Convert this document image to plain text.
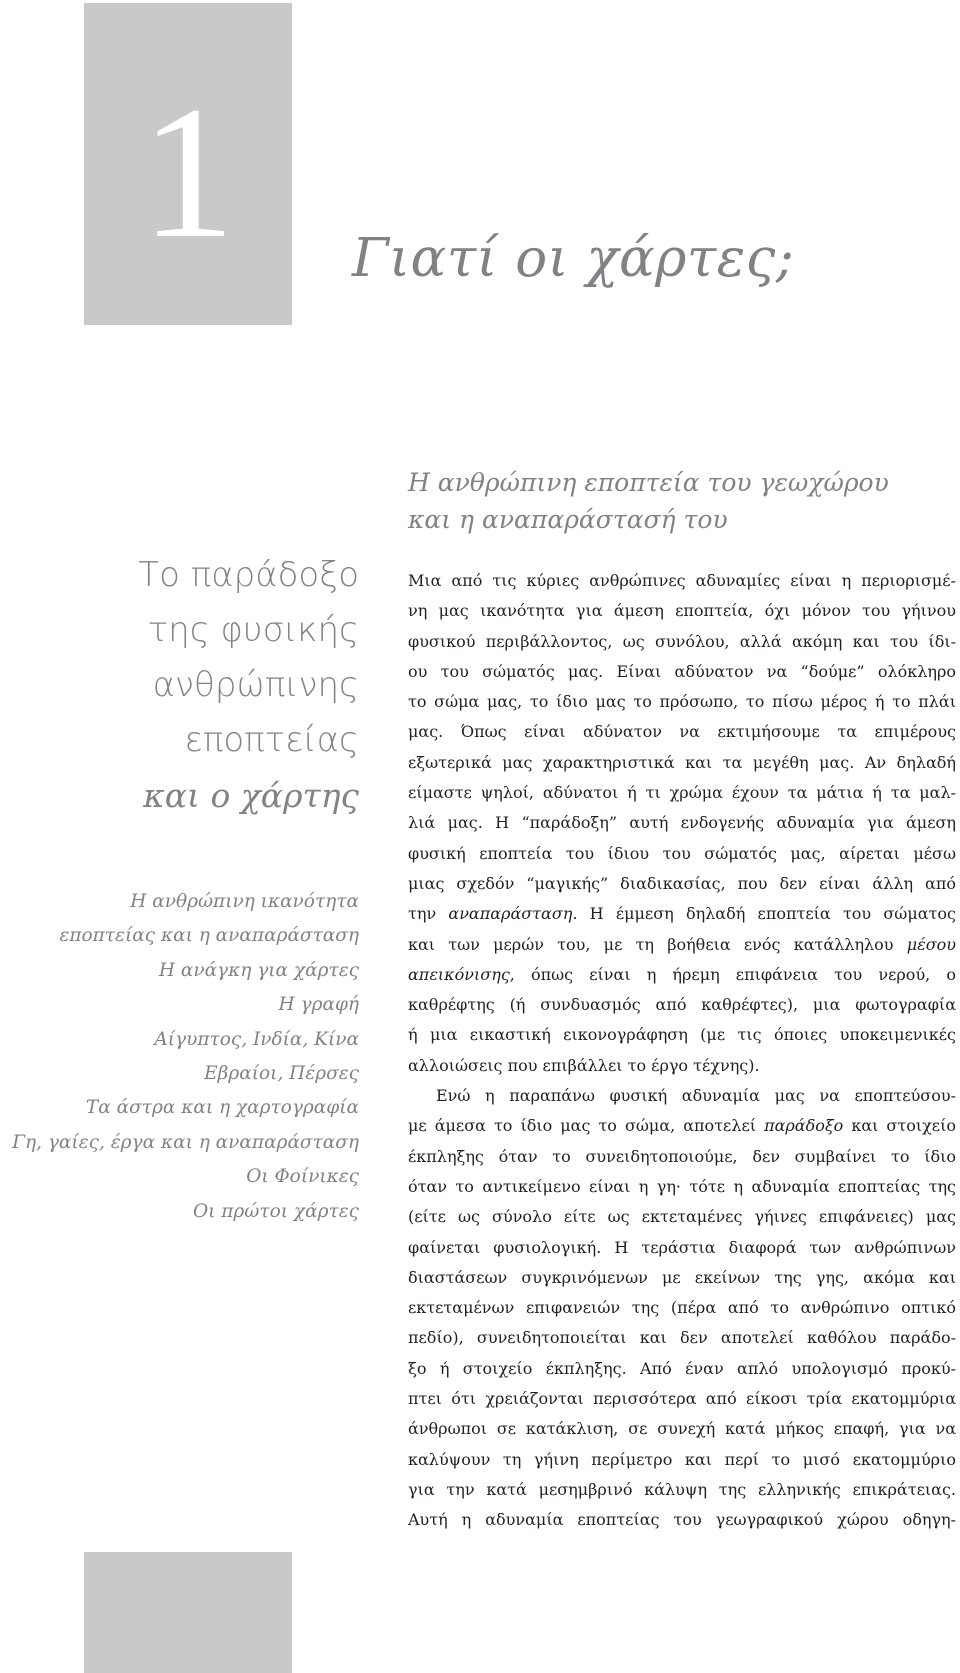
1	Γιατί οι χάρτες;
Το παράδοξο
της φυσικής
ανθρώπινης
εποπτείας
και ο χάρτης
Η ανθρώπινη ικανότητα
εποπτείας και η αναπαράσταση
Η ανάγκη για χάρτες
Η γραφή
Αίγυπτος, Ινδία, Κίνα
Εβραίοι, Πέρσες
Τα άστρα και η χαρτογραφία
Γη, γαίες, έργα και η αναπαράσταση
Οι Φοίνικες
Οι πρώτοι χάρτες
Η ανθρώπινη εποπτεία του γεωχώρου
και η αναπαράστασή του
Μια από τις κύριες ανθρώπινες αδυναμίες είναι η περιορισμέ-
νη μας ικανότητα για άμεση εποπτεία, όχι μόνον του γήινου
φυσικού περιβάλλοντος, ως συνόλου, αλλά ακόμη και του ίδι-
ου του σώματός μας. Είναι αδύνατον να “δούμε” ολόκληρο
το σώμα μας, το ίδιο μας το πρόσωπο, το πίσω μέρος ή το πλάι
μας. Όπως είναι αδύνατον να εκτιμήσουμε τα επιμέρους
εξωτερικά μας χαρακτηριστικά και τα μεγέθη μας. Αν δηλαδή
είμαστε ψηλοί, αδύνατοι ή τι χρώμα έχουν τα μάτια ή τα μαλ-
λιά μας. Η “παράδοξη” αυτή ενδογενής αδυναμία για άμεση
φυσική εποπτεία του ίδιου του σώματός μας, αίρεται μέσω
μιας σχεδόν “μαγικής” διαδικασίας, που δεν είναι άλλη από
την αναπαράσταση. Η έμμεση δηλαδή εποπτεία του σώματος
και των μερών του, με τη βοήθεια ενός κατάλληλου μέσου
απεικόνισης, όπως είναι η ήρεμη επιφάνεια του νερού, ο
καθρέφτης (ή συνδυασμός από καθρέφτες), μια φωτογραφία
ή μια εικαστική εικονογράφηση (με τις όποιες υποκειμενικές
αλλοιώσεις που επιβάλλει το έργο τέχνης).
Ενώ η παραπάνω φυσική αδυναμία μας να εποπτεύσου-
με άμεσα το ίδιο μας το σώμα, αποτελεί παράδοξο και στοιχείο
έκπληξης όταν το συνειδητοποιούμε, δεν συμβαίνει το ίδιο
όταν το αντικείμενο είναι η γη· τότε η αδυναμία εποπτείας της
(είτε ως σύνολο είτε ως εκτεταμένες γήινες επιφάνειες) μας
φαίνεται φυσιολογική. Η τεράστια διαφορά των ανθρώπινων
διαστάσεων συγκρινόμενων με εκείνων της γης, ακόμα και
εκτεταμένων επιφανειών της (πέρα από το ανθρώπινο οπτικό
πεδίο), συνειδητοποιείται και δεν αποτελεί καθόλου παράδο-
ξο ή στοιχείο έκπληξης. Από έναν απλό υπολογισμό προκύ-
πτει ότι χρειάζονται περισσότερα από είκοσι τρία εκατομμύρια
άνθρωποι σε κατάκλιση, σε συνεχή κατά μήκος επαφή, για να
καλύψουν τη γήινη περίμετρο και περί το μισό εκατομμύριο
για την κατά μεσημβρινό κάλυψη της ελληνικής επικράτειας.
Αυτή η αδυναμία εποπτείας του γεωγραφικού χώρου οδηγη-
